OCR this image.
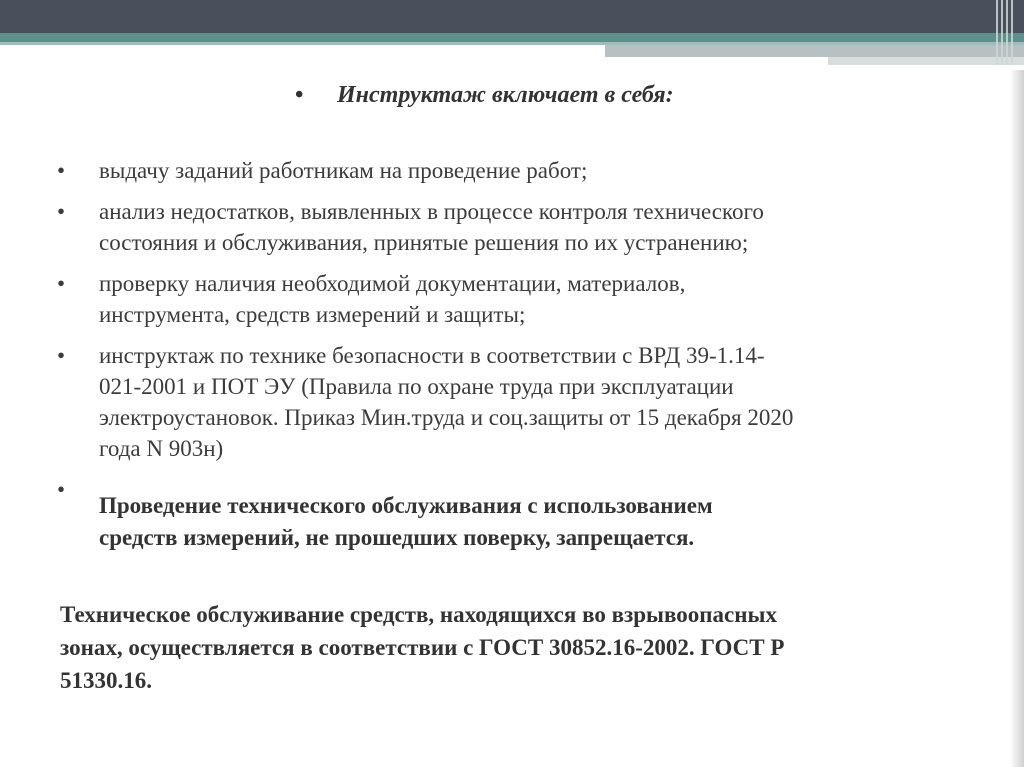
• Инструктаж включает в себя:
• выдачу заданий работникам на проведение работ;
• анализ недостатков, выявленных в процессе контроля технического
состояния и обслуживания, принятые решения по их устранению;
• проверку наличия необходимой документации, материалов,
инструмента, средств измерений и защиты;
• инструктаж по технике безопасности в соответствии с ВРД 39-1.14-
021-2001 и ПОТ ЭУ (Правила по охране труда при эксплуатации
электроустановок. Приказ Мин.труда и соц.защиты от 15 декабря 2020
года N 903н)
•
Проведение технического обслуживания с использованием
средств измерений, не прошедших поверку, запрещается.
Техническое обслуживание средств, находящихся во взрывоопасных
зонах, осуществляется в соответствии с ГОСТ 30852.16-2002. ГОСТ Р
51330.16.
